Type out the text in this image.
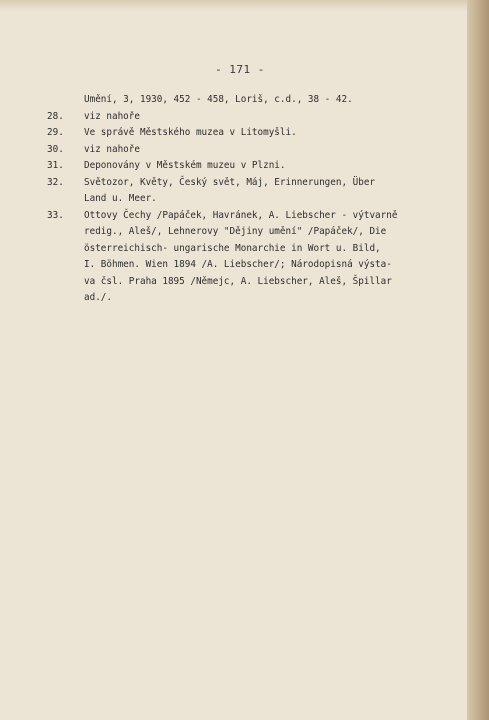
- 171 -
Umění, 3, 1930, 452 - 458, Loriš, c.d., 38 - 42.
28.	viz nahoře
29.	Ve správě Městského muzea v Litomyšli.
30.	viz nahoře
31.	Deponovány v Městském muzeu v Plzni.
32.	Světozor, Květy, Český svět, Máj, Erinnerungen, Über
Land u. Meer.
33.	Ottovy Čechy /Papáček, Havránek, A. Liebscher - výtvarně
redig., Aleš/, Lehnerovy "Dějiny umění" /Papáček/, Die
österreichisch- ungarische Monarchie in Wort u. Bild,
I. Böhmen. Wien 1894 /A. Liebscher/; Národopisná výsta-
va čsl. Praha 1895 /Němejc, A. Liebscher, Aleš, Špillar
ad./.
